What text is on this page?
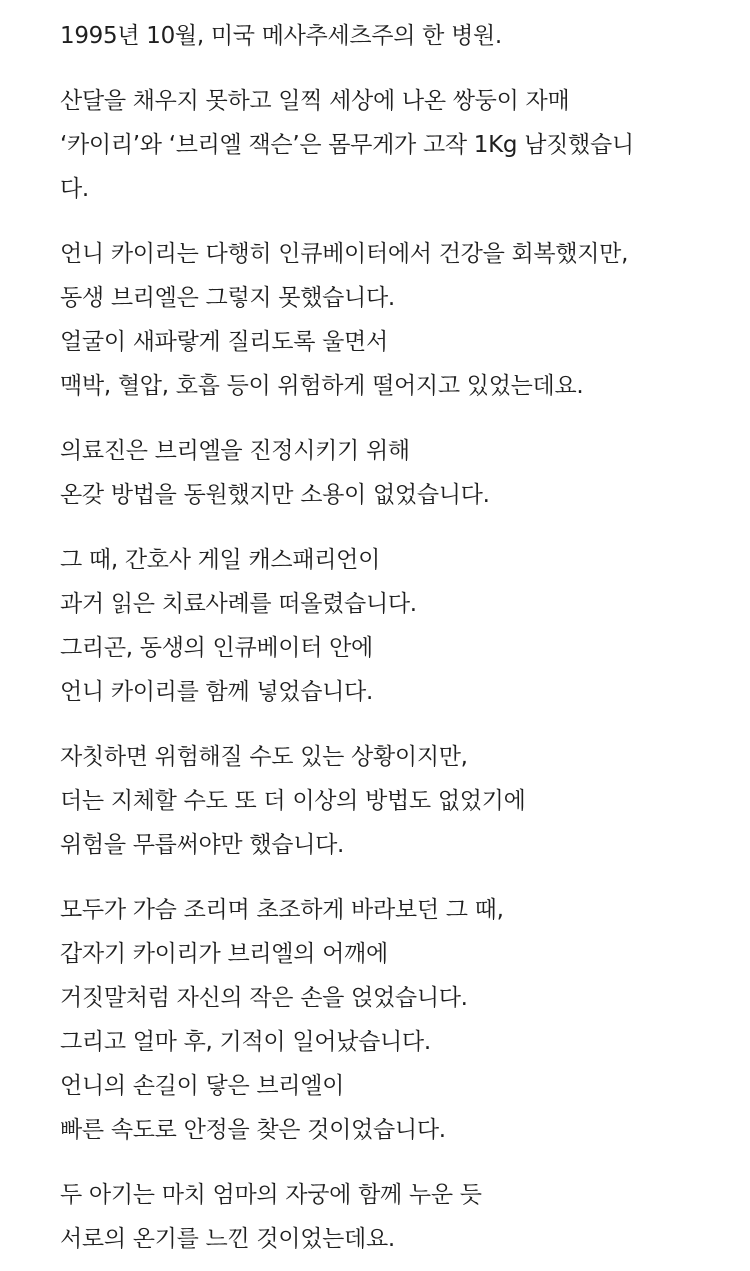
1995년 10월, 미국 메사추세츠주의 한 병원.

산달을 채우지 못하고 일찍 세상에 나온 쌍둥이 자매
‘카이리’와 ‘브리엘 잭슨’은 몸무게가 고작 1Kg 남짓했습니
다.

언니 카이리는 다행히 인큐베이터에서 건강을 회복했지만,
동생 브리엘은 그렇지 못했습니다.
얼굴이 새파랗게 질리도록 울면서
맥박, 혈압, 호흡 등이 위험하게 떨어지고 있었는데요.

의료진은 브리엘을 진정시키기 위해
온갖 방법을 동원했지만 소용이 없었습니다.

그 때, 간호사 게일 캐스패리언이
과거 읽은 치료사례를 떠올렸습니다.
그리곤, 동생의 인큐베이터 안에
언니 카이리를 함께 넣었습니다.

자칫하면 위험해질 수도 있는 상황이지만,
더는 지체할 수도 또 더 이상의 방법도 없었기에
위험을 무릅써야만 했습니다.

모두가 가슴 조리며 초조하게 바라보던 그 때,
갑자기 카이리가 브리엘의 어깨에
거짓말처럼 자신의 작은 손을 얹었습니다.
그리고 얼마 후, 기적이 일어났습니다.
언니의 손길이 닿은 브리엘이
빠른 속도로 안정을 찾은 것이었습니다.

두 아기는 마치 엄마의 자궁에 함께 누운 듯
서로의 온기를 느낀 것이었는데요.
